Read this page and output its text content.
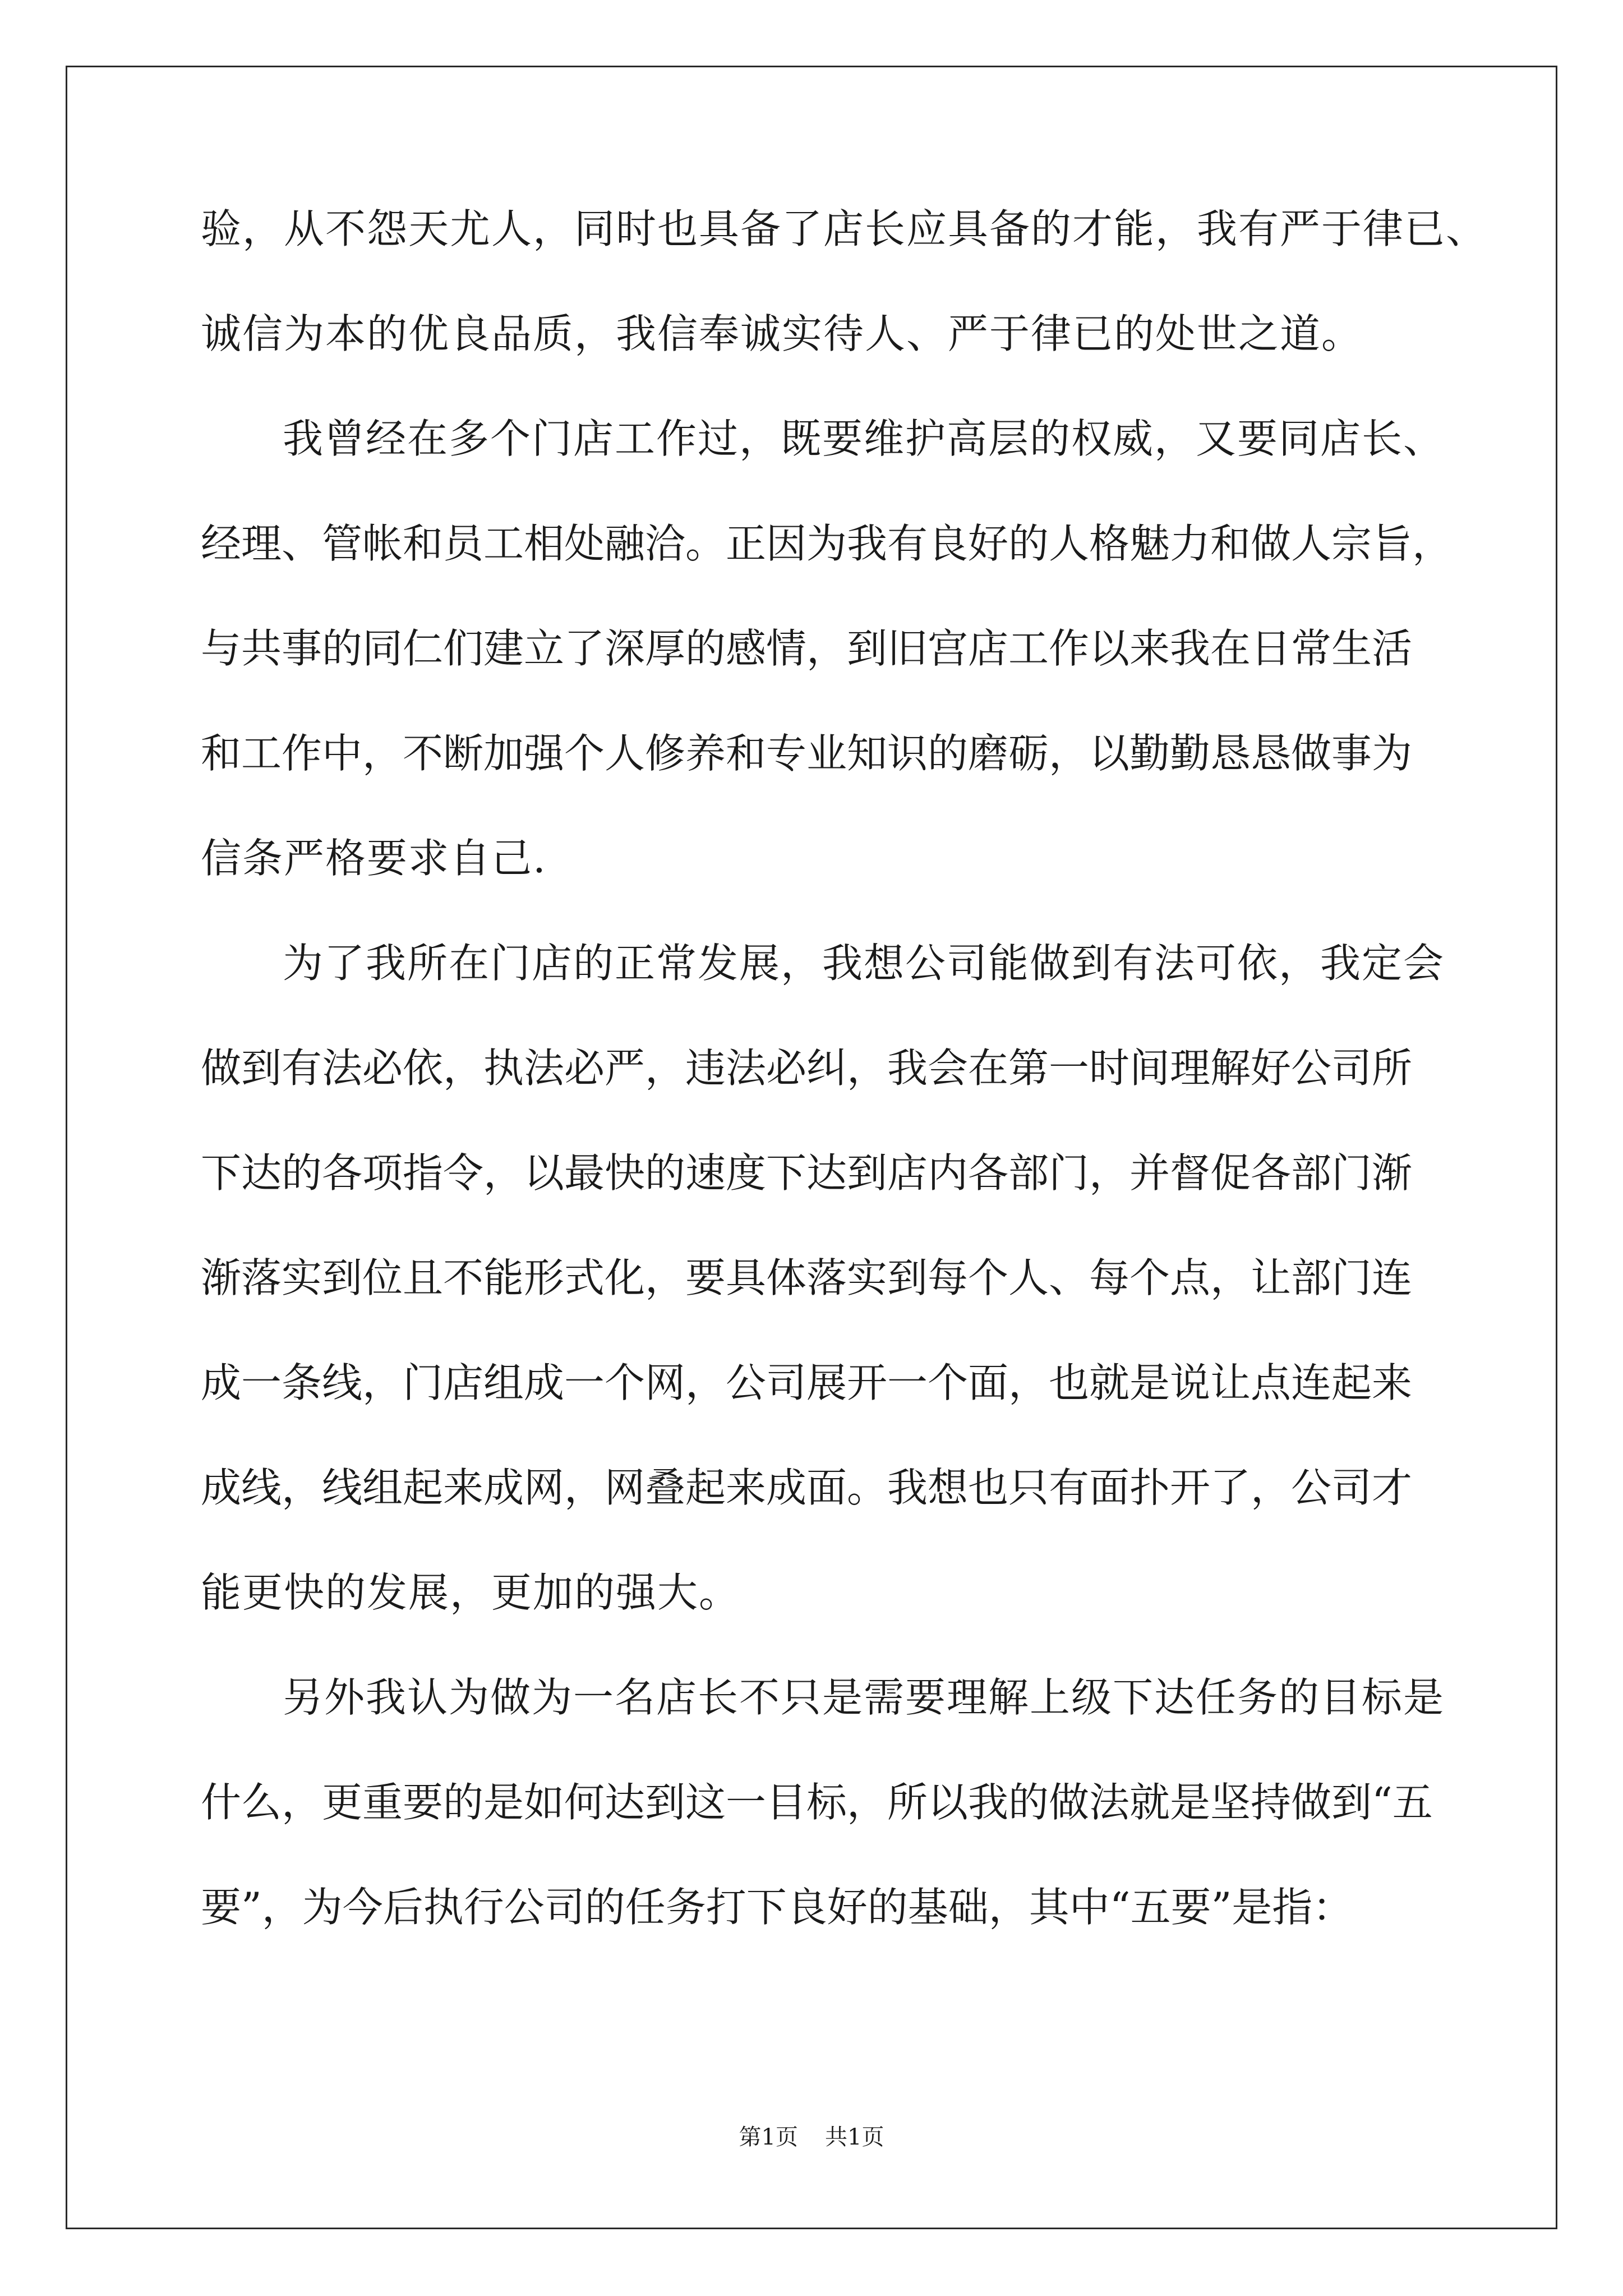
验，从不怨天尤人，同时也具备了店长应具备的才能，我有严于律已、
诚信为本的优良品质，我信奉诚实待人、严于律已的处世之道。
我曾经在多个门店工作过，既要维护高层的权威，又要同店长、
经理、管帐和员工相处融洽。正因为我有良好的人格魅力和做人宗旨，
与共事的同仁们建立了深厚的感情，到旧宫店工作以来我在日常生活
和工作中，不断加强个人修养和专业知识的磨砺，以勤勤恳恳做事为
信条严格要求自己.
为了我所在门店的正常发展，我想公司能做到有法可依，我定会
做到有法必依，执法必严，违法必纠，我会在第一时间理解好公司所
下达的各项指令，以最快的速度下达到店内各部门，并督促各部门渐
渐落实到位且不能形式化，要具体落实到每个人、每个点，让部门连
成一条线，门店组成一个网，公司展开一个面，也就是说让点连起来
成线，线组起来成网，网叠起来成面。我想也只有面扑开了，公司才
能更快的发展，更加的强大。
另外我认为做为一名店长不只是需要理解上级下达任务的目标是
什么，更重要的是如何达到这一目标，所以我的做法就是坚持做到“五
要”，为今后执行公司的任务打下良好的基础，其中“五要”是指：
第1页 共1页
